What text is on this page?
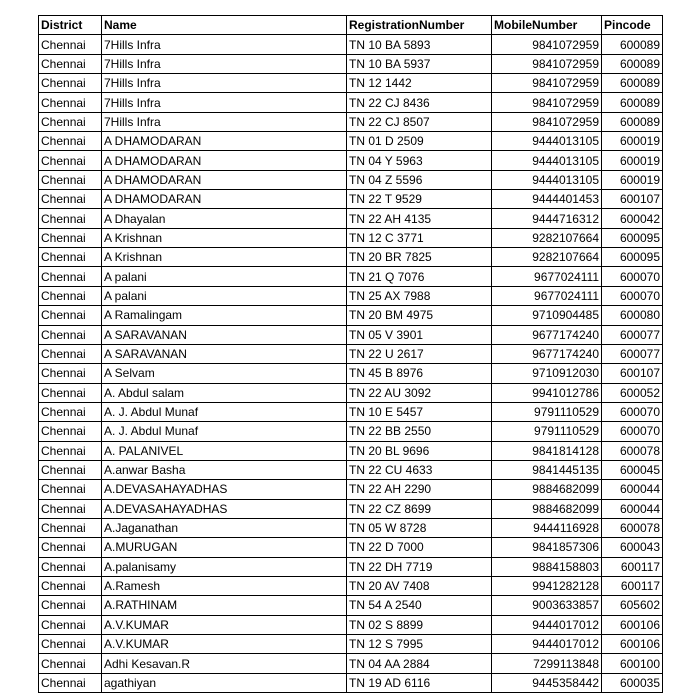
District	Name	RegistrationNumber	MobileNumber	Pincode
Chennai	7Hills Infra	TN 10 BA 5893	9841072959	600089
Chennai	7Hills Infra	TN 10 BA 5937	9841072959	600089
Chennai	7Hills Infra	TN 12 1442	9841072959	600089
Chennai	7Hills Infra	TN 22 CJ 8436	9841072959	600089
Chennai	7Hills Infra	TN 22 CJ 8507	9841072959	600089
Chennai	A DHAMODARAN	TN 01 D 2509	9444013105	600019
Chennai	A DHAMODARAN	TN 04 Y 5963	9444013105	600019
Chennai	A DHAMODARAN	TN 04 Z 5596	9444013105	600019
Chennai	A DHAMODARAN	TN 22 T 9529	9444401453	600107
Chennai	A Dhayalan	TN 22 AH 4135	9444716312	600042
Chennai	A Krishnan	TN 12 C 3771	9282107664	600095
Chennai	A Krishnan	TN 20 BR 7825	9282107664	600095
Chennai	A palani	TN 21 Q 7076	9677024111	600070
Chennai	A palani	TN 25 AX 7988	9677024111	600070
Chennai	A Ramalingam	TN 20 BM 4975	9710904485	600080
Chennai	A SARAVANAN	TN 05 V 3901	9677174240	600077
Chennai	A SARAVANAN	TN 22 U 2617	9677174240	600077
Chennai	A Selvam	TN 45 B 8976	9710912030	600107
Chennai	A. Abdul salam	TN 22 AU 3092	9941012786	600052
Chennai	A. J. Abdul Munaf	TN 10 E 5457	9791110529	600070
Chennai	A. J. Abdul Munaf	TN 22 BB 2550	9791110529	600070
Chennai	A. PALANIVEL	TN 20 BL 9696	9841814128	600078
Chennai	A.anwar Basha	TN 22 CU 4633	9841445135	600045
Chennai	A.DEVASAHAYADHAS	TN 22 AH 2290	9884682099	600044
Chennai	A.DEVASAHAYADHAS	TN 22 CZ 8699	9884682099	600044
Chennai	A.Jaganathan	TN 05 W 8728	9444116928	600078
Chennai	A.MURUGAN	TN 22 D 7000	9841857306	600043
Chennai	A.palanisamy	TN 22 DH 7719	9884158803	600117
Chennai	A.Ramesh	TN 20 AV 7408	9941282128	600117
Chennai	A.RATHINAM	TN 54 A 2540	9003633857	605602
Chennai	A.V.KUMAR	TN 02 S 8899	9444017012	600106
Chennai	A.V.KUMAR	TN 12 S 7995	9444017012	600106
Chennai	Adhi Kesavan.R	TN 04 AA 2884	7299113848	600100
Chennai	agathiyan	TN 19 AD 6116	9445358442	600035
